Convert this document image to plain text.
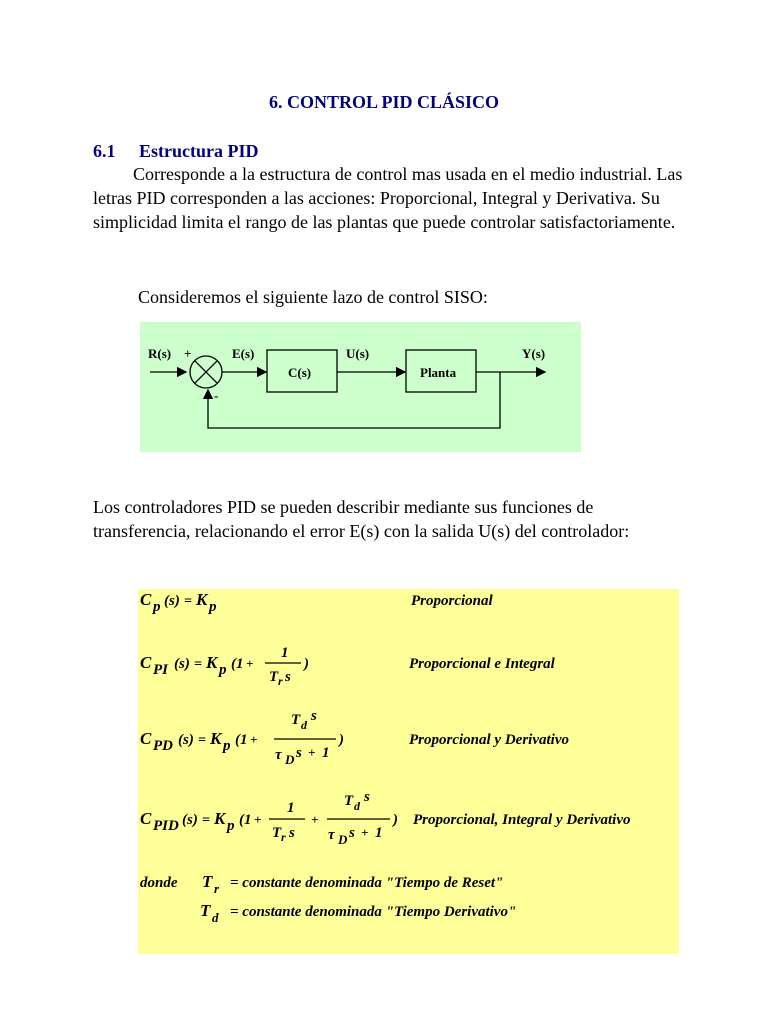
6. CONTROL PID CLÁSICO
6.1 Estructura PID
Corresponde a la estructura de control mas usada en el medio industrial. Las letras PID corresponden a las acciones: Proporcional, Integral y Derivativa. Su simplicidad limita el rango de las plantas que puede controlar satisfactoriamente.
Consideremos el siguiente lazo de control SISO:
R(s) +
-
E(s)
C(s)
U(s)
Planta
Y(s)
Los controladores PID se pueden describir mediante sus funciones de transferencia, relacionando el error E(s) con la salida U(s) del controlador:
C p (s) = K p	Proporcional
C PI (s) = K p (1 +
1
T r s
)	Proporcional e Integral
C PD (s) = K p (1 +
T d
s
τ D s + 1
)	Proporcional y Derivativo
C PID (s) = K p (1 +
1
T r s
+
T d
s
τ D s + 1
) Proporcional, Integral y Derivativo
donde T r = constante denominada "Tiempo de Reset"
T d = constante denominada "Tiempo Derivativo"
